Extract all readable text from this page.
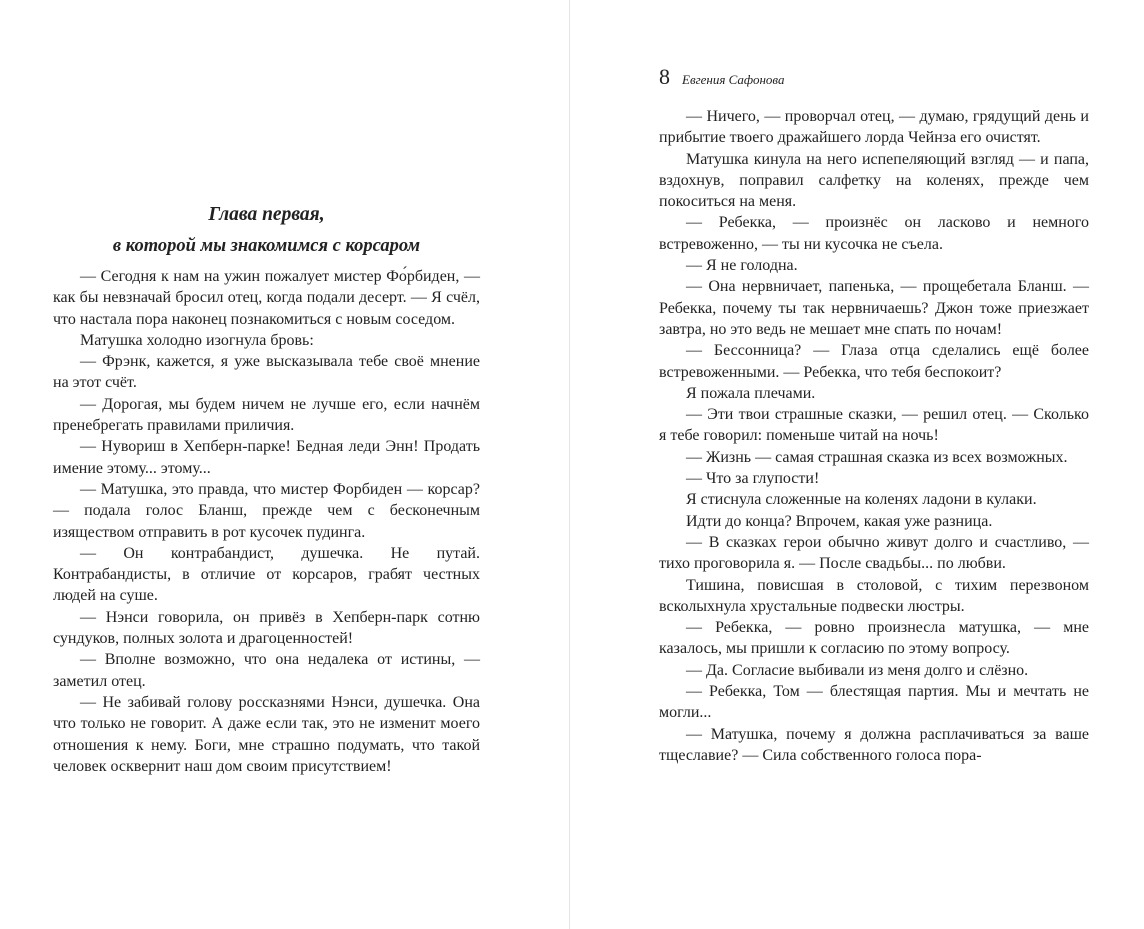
Глава первая,
в которой мы знакомимся с корсаром

— Сегодня к нам на ужин пожалует мистер Фо́рбиден, — как бы невзначай бросил отец, когда подали десерт. — Я счёл, что настала пора наконец познакомиться с новым соседом.

Матушка холодно изогнула бровь:

— Фрэнк, кажется, я уже высказывала тебе своё мнение на этот счёт.

— Дорогая, мы будем ничем не лучше его, если начнём пренебрегать правилами приличия.

— Нувориш в Хепберн-парке! Бедная леди Энн! Продать имение этому... этому...

— Матушка, это правда, что мистер Форбиден — корсар? — подала голос Бланш, прежде чем с бесконечным изяществом отправить в рот кусочек пудинга.

— Он контрабандист, душечка. Не путай. Контрабандисты, в отличие от корсаров, грабят честных людей на суше.

— Нэнси говорила, он привёз в Хепберн-парк сотню сундуков, полных золота и драгоценностей!

— Вполне возможно, что она недалека от истины, — заметил отец.

— Не забивай голову россказнями Нэнси, душечка. Она что только не говорит. А даже если так, это не изменит моего отношения к нему. Боги, мне страшно подумать, что такой человек осквернит наш дом своим присутствием!

8 Евгения Сафонова

— Ничего, — проворчал отец, — думаю, грядущий день и прибытие твоего дражайшего лорда Чейнза его очистят.

Матушка кинула на него испепеляющий взгляд — и папа, вздохнув, поправил салфетку на коленях, прежде чем покоситься на меня.

— Ребекка, — произнёс он ласково и немного встревоженно, — ты ни кусочка не съела.

— Я не голодна.

— Она нервничает, папенька, — прощебетала Бланш. — Ребекка, почему ты так нервничаешь? Джон тоже приезжает завтра, но это ведь не мешает мне спать по ночам!

— Бессонница? — Глаза отца сделались ещё более встревоженными. — Ребекка, что тебя беспокоит?

Я пожала плечами.

— Эти твои страшные сказки, — решил отец. — Сколько я тебе говорил: поменьше читай на ночь!

— Жизнь — самая страшная сказка из всех возможных.

— Что за глупости!

Я стиснула сложенные на коленях ладони в кулаки.

Идти до конца? Впрочем, какая уже разница.

— В сказках герои обычно живут долго и счастливо, — тихо проговорила я. — После свадьбы... по любви.

Тишина, повисшая в столовой, с тихим перезвоном всколыхнула хрустальные подвески люстры.

— Ребекка, — ровно произнесла матушка, — мне казалось, мы пришли к согласию по этому вопросу.

— Да. Согласие выбивали из меня долго и слёзно.

— Ребекка, Том — блестящая партия. Мы и мечтать не могли...

— Матушка, почему я должна расплачиваться за ваше тщеславие? — Сила собственного голоса пора-
